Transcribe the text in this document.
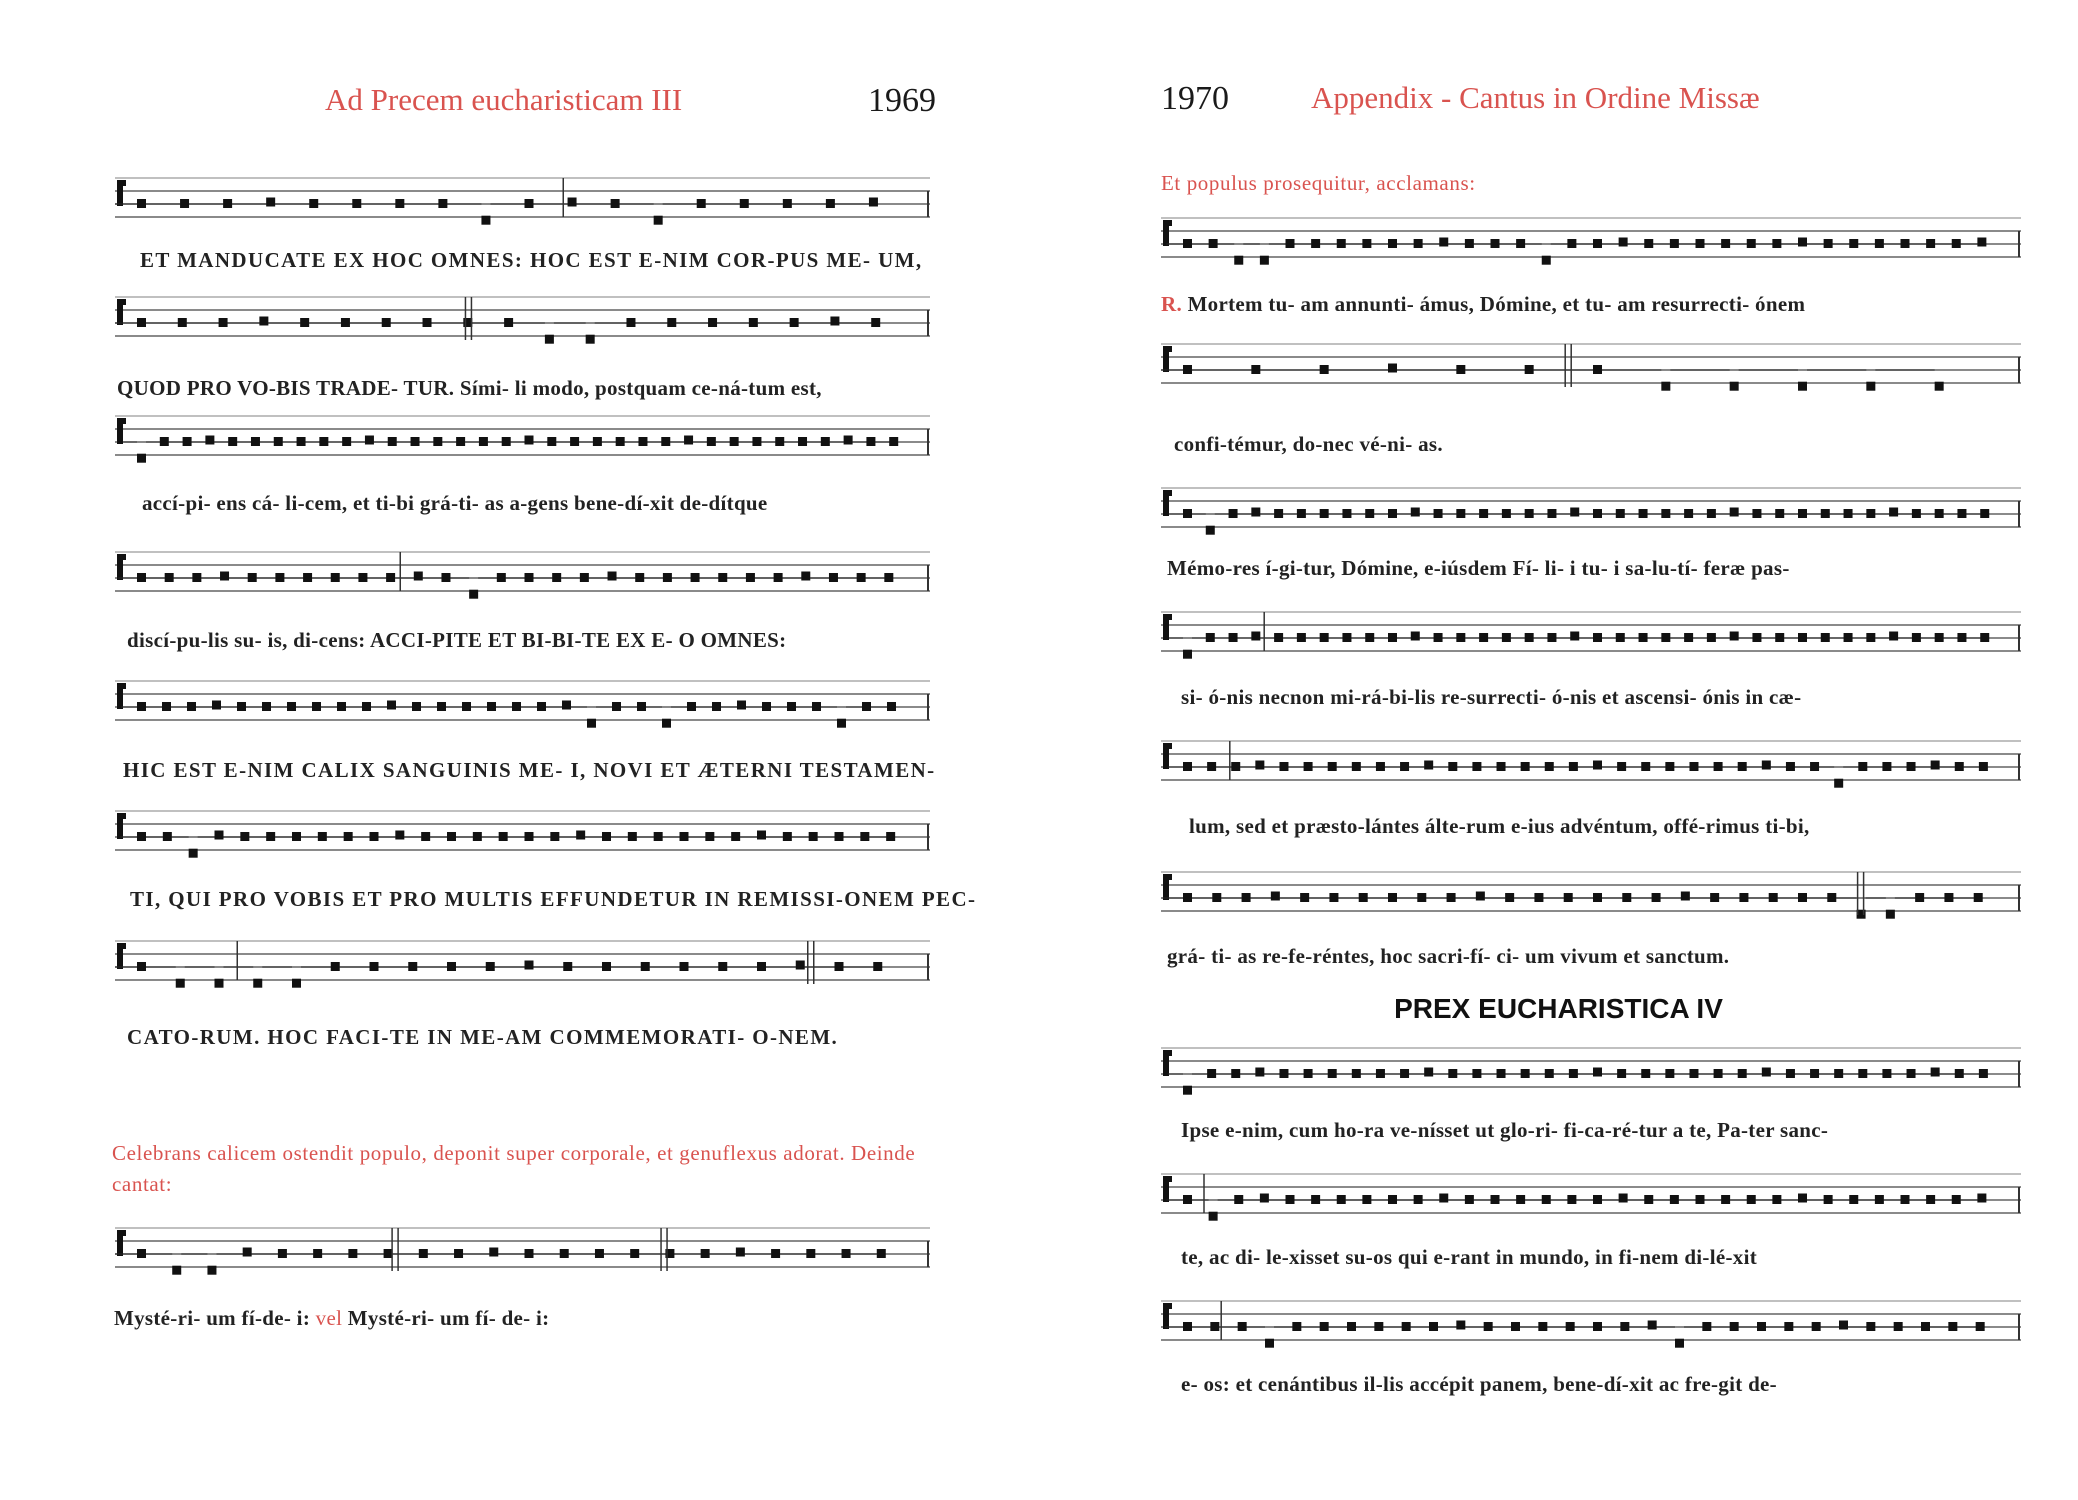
Ad Precem eucharisticam III	1969
ET MANDUCATE EX HOC OMNES: HOC EST E-NIM COR-PUS ME- UM,
QUOD PRO VO-BIS TRADE- TUR. Sími- li modo, postquam ce-ná-tum est,
accí-pi- ens cá- li-cem, et ti-bi grá-ti- as a-gens bene-dí-xit de-dítque
discí-pu-lis su- is, di-cens: ACCI-PITE ET BI-BI-TE EX E- O OMNES:
HIC EST E-NIM CALIX SANGUINIS ME- I, NOVI ET ÆTERNI TESTAMEN-
TI, QUI PRO VOBIS ET PRO MULTIS EFFUNDETUR IN REMISSI-ONEM PEC-
CATO-RUM. HOC FACI-TE IN ME-AM COMMEMORATI- O-NEM.
Celebrans calicem ostendit populo, deponit super corporale, et genuflexus adorat. Deinde cantat:
Mysté-ri- um fí-de- i: vel Mysté-ri- um fí- de- i:
1970	Appendix - Cantus in Ordine Missæ
Et populus prosequitur, acclamans:
R. Mortem tu- am annunti- ámus, Dómine, et tu- am resurrecti- ónem
confi-témur, do-nec vé-ni- as.
Mémo-res í-gi-tur, Dómine, e-iúsdem Fí- li- i tu- i sa-lu-tí- feræ pas-
si- ó-nis necnon mi-rá-bi-lis re-surrecti- ó-nis et ascensi- ónis in cæ-
lum, sed et præsto-lántes álte-rum e-ius advéntum, offé-rimus ti-bi,
grá- ti- as re-fe-réntes, hoc sacri-fí- ci- um vivum et sanctum.
PREX EUCHARISTICA IV
Ipse e-nim, cum ho-ra ve-nísset ut glo-ri- fi-ca-ré-tur a te, Pa-ter sanc-
te, ac di- le-xisset su-os qui e-rant in mundo, in fi-nem di-lé-xit
e- os: et cenántibus il-lis accépit panem, bene-dí-xit ac fre-git de-
